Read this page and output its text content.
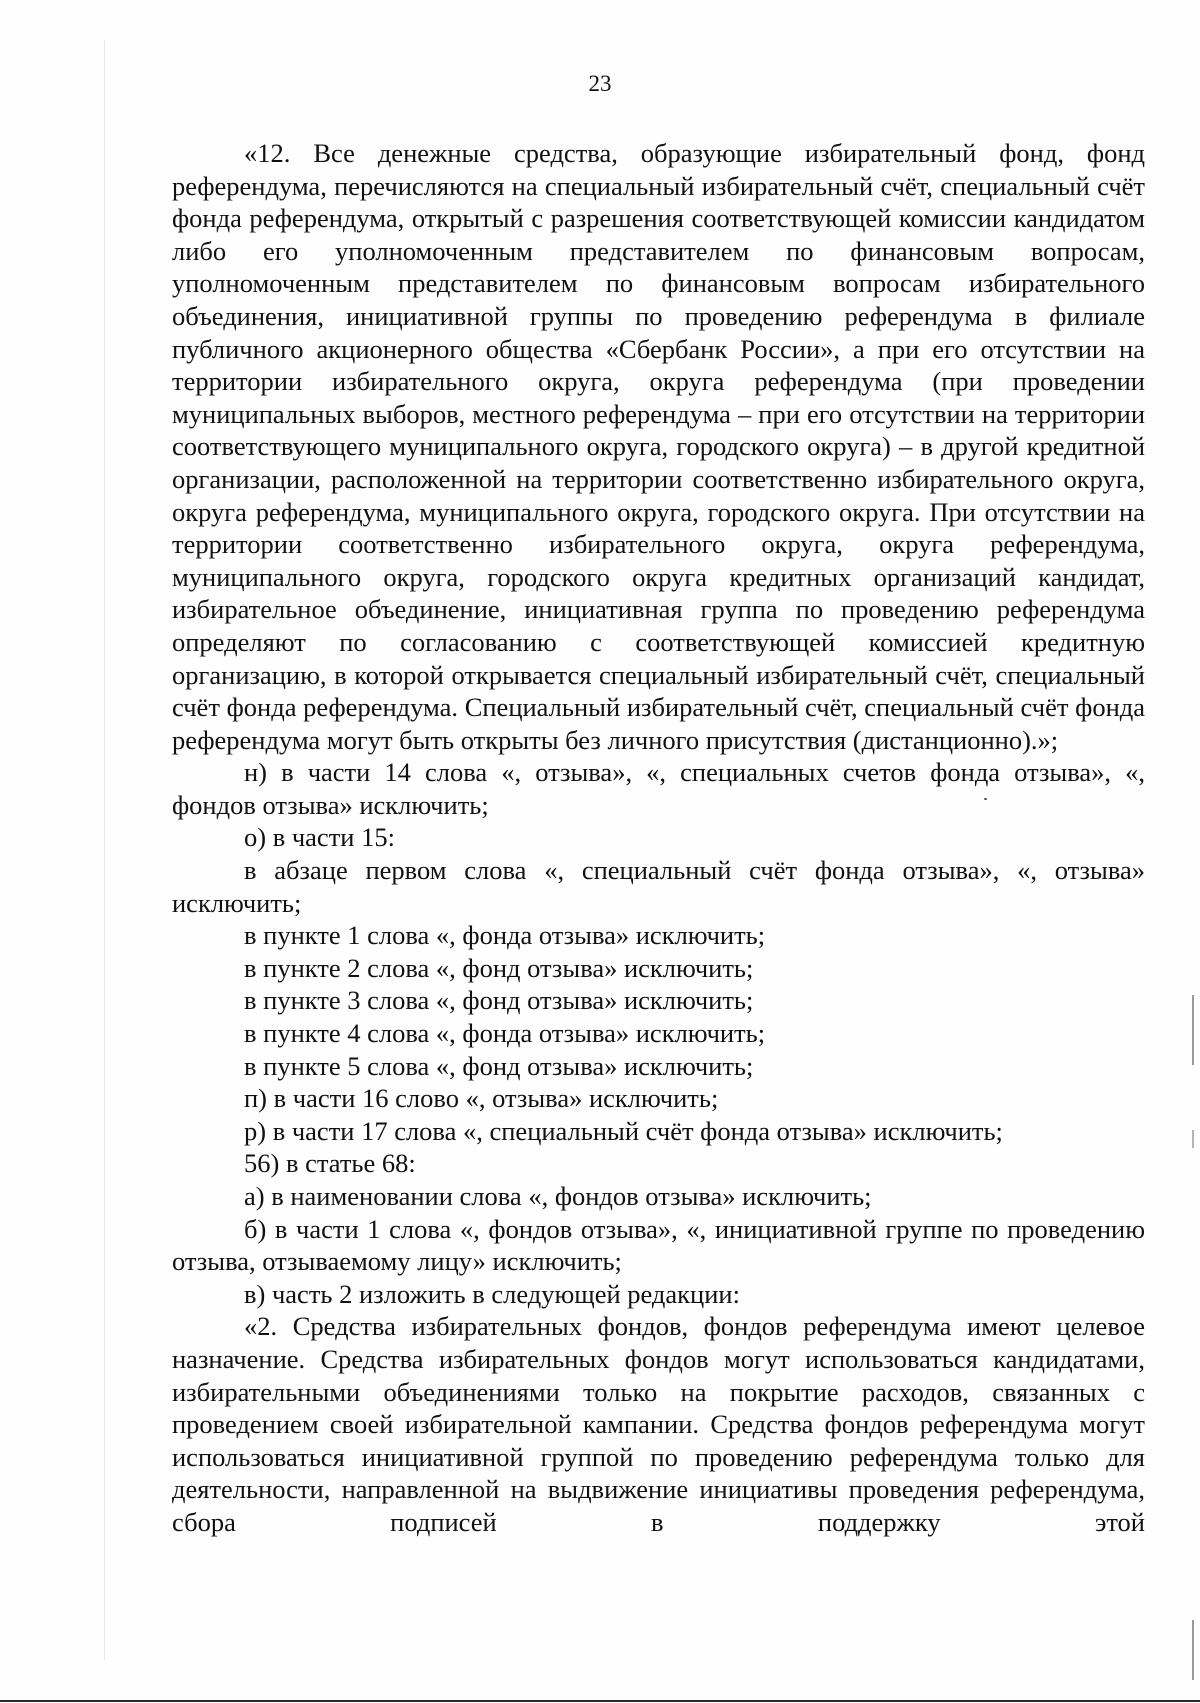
23

«12. Все денежные средства, образующие избирательный фонд, фонд референдума, перечисляются на специальный избирательный счёт, специальный счёт фонда референдума, открытый с разрешения соответствующей комиссии кандидатом либо его уполномоченным представителем по финансовым вопросам, уполномоченным представителем по финансовым вопросам избирательного объединения, инициативной группы по проведению референдума в филиале публичного акционерного общества «Сбербанк России», а при его отсутствии на территории избирательного округа, округа референдума (при проведении муниципальных выборов, местного референдума – при его отсутствии на территории соответствующего муниципального округа, городского округа) – в другой кредитной организации, расположенной на территории соответственно избирательного округа, округа референдума, муниципального округа, городского округа. При отсутствии на территории соответственно избирательного округа, округа референдума, муниципального округа, городского округа кредитных организаций кандидат, избирательное объединение, инициативная группа по проведению референдума определяют по согласованию с соответствующей комиссией кредитную организацию, в которой открывается специальный избирательный счёт, специальный счёт фонда референдума. Специальный избирательный счёт, специальный счёт фонда референдума могут быть открыты без личного присутствия (дистанционно).»;

н) в части 14 слова «, отзыва», «, специальных счетов фонда отзыва», «, фондов отзыва» исключить;

о) в части 15:

в абзаце первом слова «, специальный счёт фонда отзыва», «, отзыва» исключить;

в пункте 1 слова «, фонда отзыва» исключить;

в пункте 2 слова «, фонд отзыва» исключить;

в пункте 3 слова «, фонд отзыва» исключить;

в пункте 4 слова «, фонда отзыва» исключить;

в пункте 5 слова «, фонд отзыва» исключить;

п) в части 16 слово «, отзыва» исключить;

р) в части 17 слова «, специальный счёт фонда отзыва» исключить;

56) в статье 68:

а) в наименовании слова «, фондов отзыва» исключить;

б) в части 1 слова «, фондов отзыва», «, инициативной группе по проведению отзыва, отзываемому лицу» исключить;

в) часть 2 изложить в следующей редакции:

«2. Средства избирательных фондов, фондов референдума имеют целевое назначение. Средства избирательных фондов могут использоваться кандидатами, избирательными объединениями только на покрытие расходов, связанных с проведением своей избирательной кампании. Средства фондов референдума могут использоваться инициативной группой по проведению референдума только для деятельности, направленной на выдвижение инициативы проведения референдума, сбора подписей в поддержку этой
